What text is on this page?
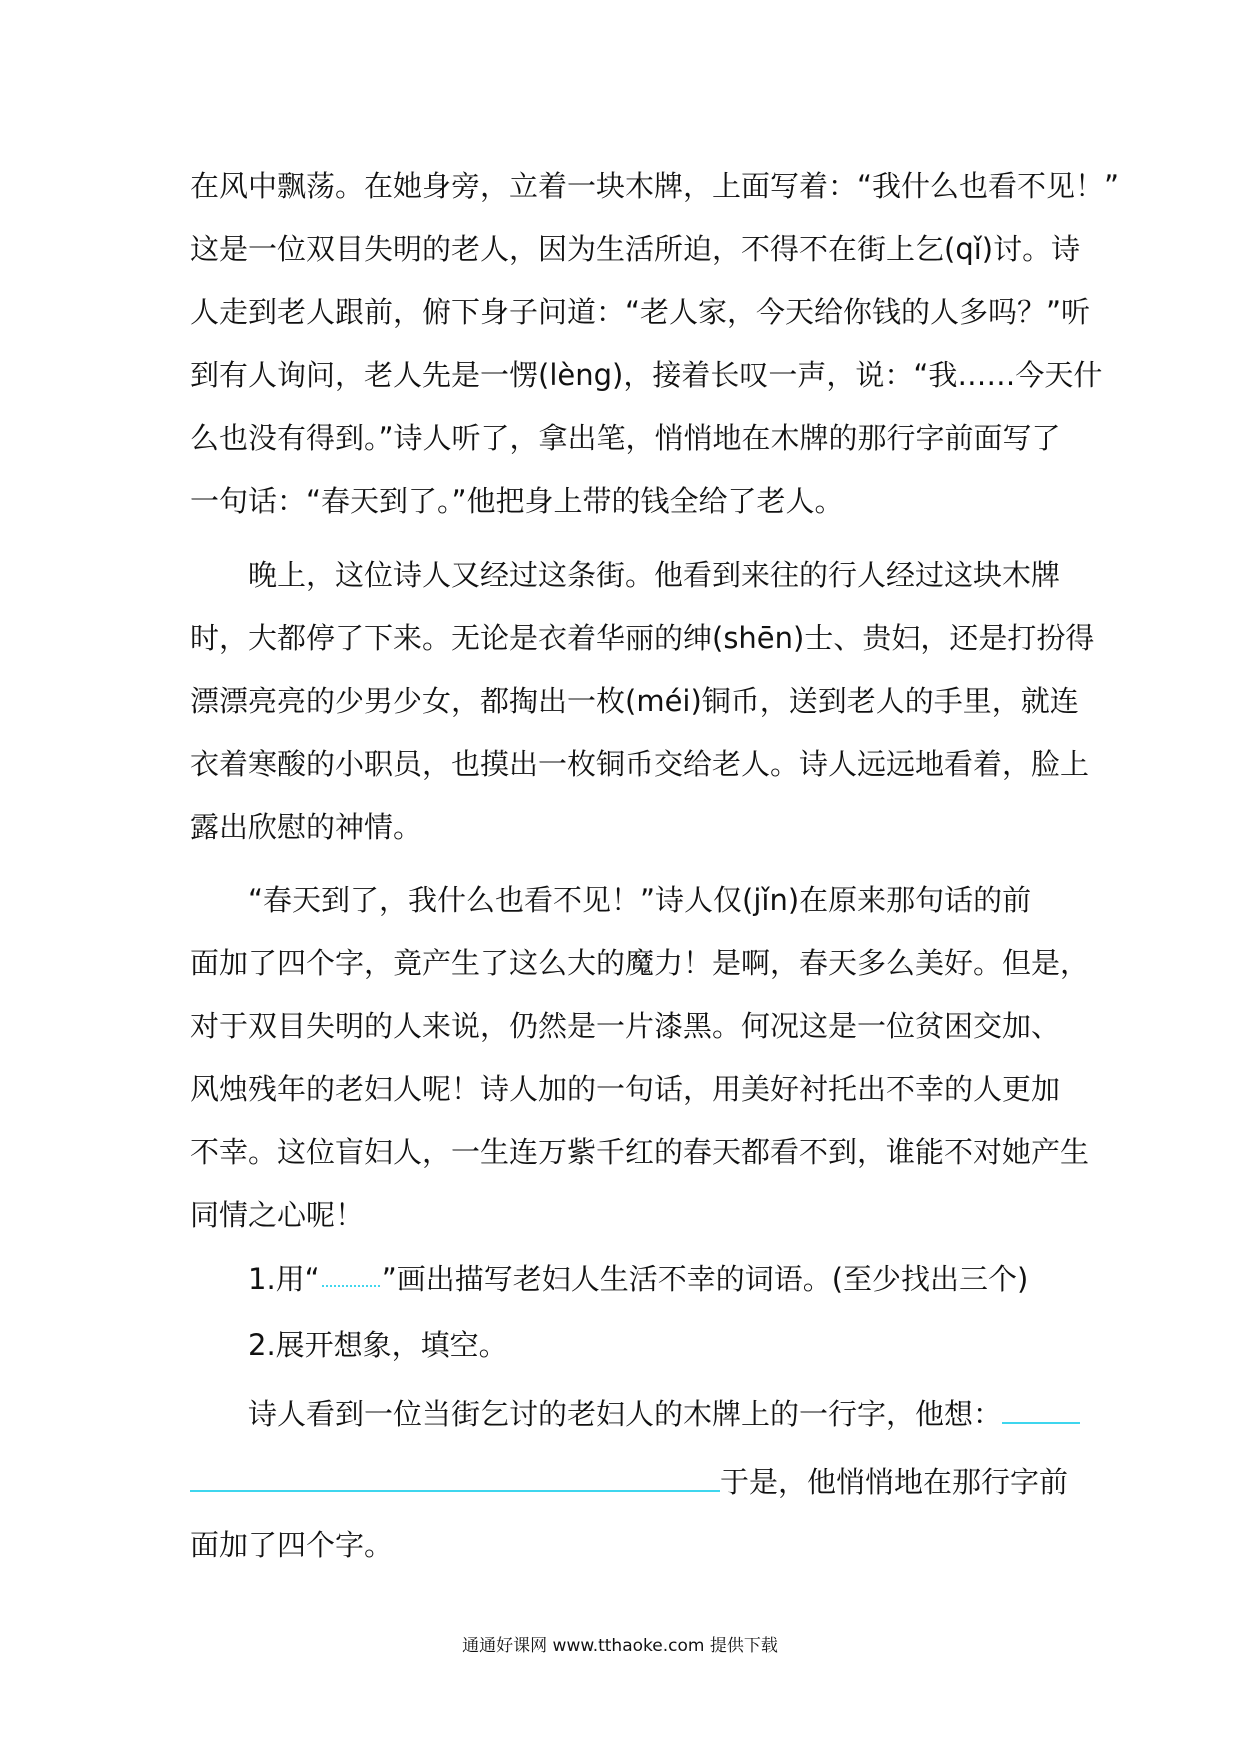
在风中飘荡。在她身旁，立着一块木牌，上面写着：“我什么也看不见！”
这是一位双目失明的老人，因为生活所迫，不得不在街上乞(qǐ)讨。诗
人走到老人跟前，俯下身子问道：“老人家，今天给你钱的人多吗？”听
到有人询问，老人先是一愣(lèng)，接着长叹一声，说：“我……今天什
么也没有得到。”诗人听了，拿出笔，悄悄地在木牌的那行字前面写了
一句话：“春天到了。”他把身上带的钱全给了老人。
晚上，这位诗人又经过这条街。他看到来往的行人经过这块木牌
时，大都停了下来。无论是衣着华丽的绅(shēn)士、贵妇，还是打扮得
漂漂亮亮的少男少女，都掏出一枚(méi)铜币，送到老人的手里，就连
衣着寒酸的小职员，也摸出一枚铜币交给老人。诗人远远地看着，脸上
露出欣慰的神情。
“春天到了，我什么也看不见！”诗人仅(jǐn)在原来那句话的前
面加了四个字，竟产生了这么大的魔力！是啊，春天多么美好。但是，
对于双目失明的人来说，仍然是一片漆黑。何况这是一位贫困交加、
风烛残年的老妇人呢！诗人加的一句话，用美好衬托出不幸的人更加
不幸。这位盲妇人，一生连万紫千红的春天都看不到，谁能不对她产生
同情之心呢！
1.用“ ”画出描写老妇人生活不幸的词语。(至少找出三个)
2.展开想象，填空。
诗人看到一位当街乞讨的老妇人的木牌上的一行字，他想：
于是，他悄悄地在那行字前
面加了四个字。
通通好课网 www.tthaoke.com 提供下载
